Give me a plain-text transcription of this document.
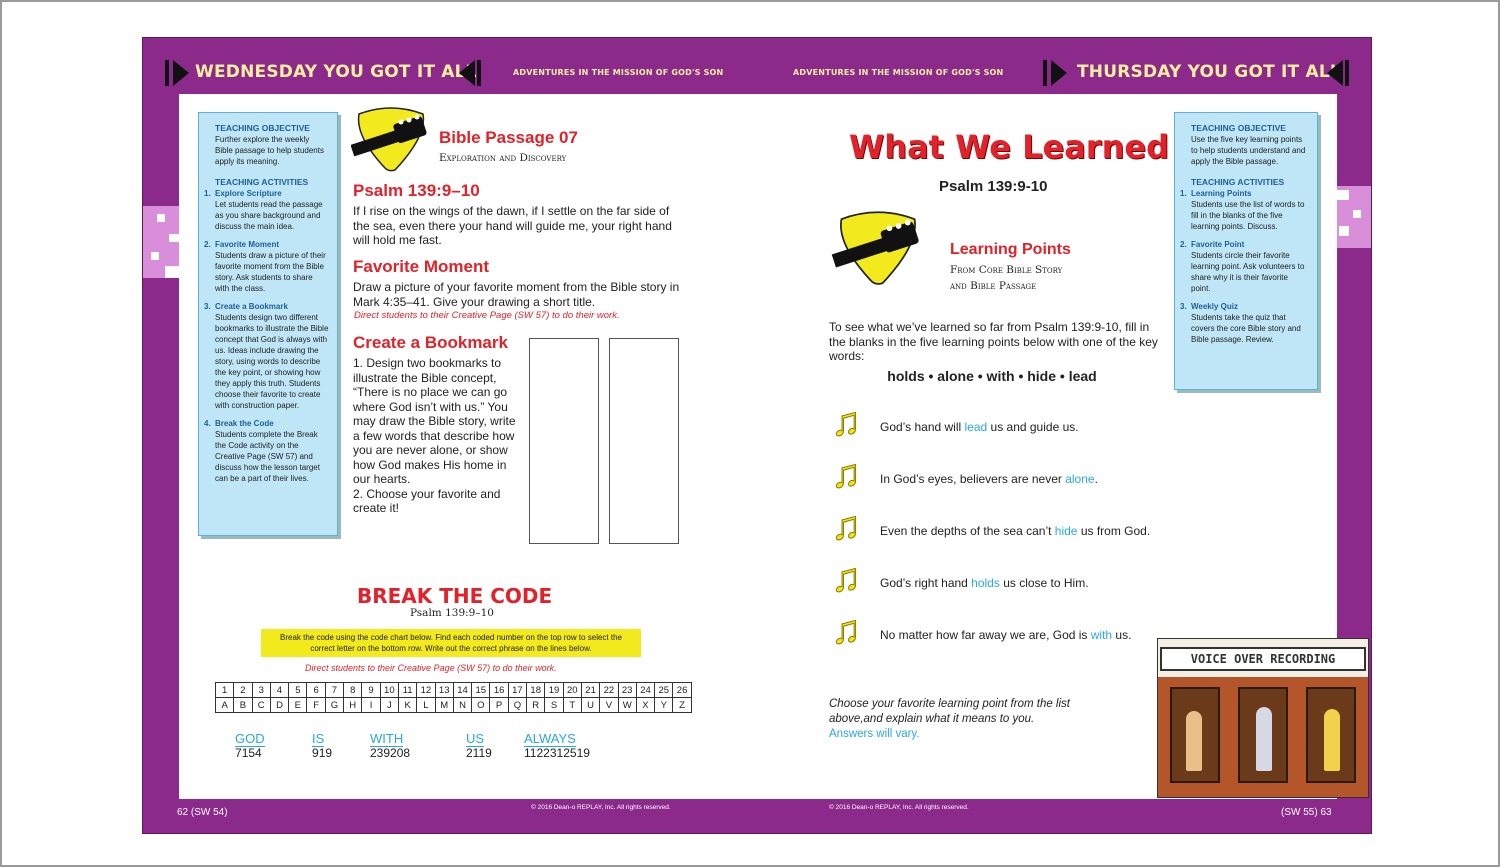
WEDNESDAY YOU GOT IT ALL	ADVENTURES IN THE MISSION OF GOD'S SON	ADVENTURES IN THE MISSION OF GOD'S SON	THURSDAY YOU GOT IT ALL
TEACHING OBJECTIVE
Further explore the weekly Bible passage to help students apply its meaning.
TEACHING ACTIVITIES
1. Explore Scripture
Let students read the passage as you share background and discuss the main idea.
2. Favorite Moment
Students draw a picture of their favorite moment from the Bible story. Ask students to share with the class.
3. Create a Bookmark
Students design two different bookmarks to illustrate the Bible concept that God is always with us. Ideas include drawing the story, using words to describe the key point, or showing how they apply this truth. Students choose their favorite to create with construction paper.
4. Break the Code
Students complete the Break the Code activity on the Creative Page (SW 57) and discuss how the lesson target can be a part of their lives.
Bible Passage 07
Exploration and Discovery
Psalm 139:9–10
If I rise on the wings of the dawn, if I settle on the far side of the sea, even there your hand will guide me, your right hand will hold me fast.
Favorite Moment
Draw a picture of your favorite moment from the Bible story in Mark 4:35–41. Give your drawing a short title.
Direct students to their Creative Page (SW 57) to do their work.
Create a Bookmark
1. Design two bookmarks to illustrate the Bible concept, “There is no place we can go where God isn’t with us.” You may draw the Bible story, write a few words that describe how you are never alone, or show how God makes His home in our hearts.
2. Choose your favorite and create it!
BREAK THE CODE
Psalm 139:9–10
Break the code using the code chart below. Find each coded number on the top row to select the correct letter on the bottom row. Write out the correct phrase on the lines below.
Direct students to their Creative Page (SW 57) to do their work.
1	2	3	4	5	6	7	8	9	10	11	12	13	14	15	16	17	18	19	20	21	22	23	24	25	26
A	B	C	D	E	F	G	H	I	J	K	L	M	N	O	P	Q	R	S	T	U	V	W	X	Y	Z
GOD
7154
IS
919
WITH
239208
US
2119
ALWAYS
1122312519
62 (SW 54)	© 2016 Dean-o REPLAY, Inc. All rights reserved.
What We Learned
Psalm 139:9-10
Learning Points
From Core Bible Story
and Bible Passage
To see what we’ve learned so far from Psalm 139:9-10, fill in the blanks in the five learning points below with one of the key words:
holds • alone • with • hide • lead
Choose your favorite learning point from the list above,and explain what it means to you.
Answers will vary.
VOICE OVER RECORDING
TEACHING OBJECTIVE
Use the five key learning points to help students understand and apply the Bible passage.
TEACHING ACTIVITIES
1. Learning Points
Students use the list of words to fill in the blanks of the five learning points. Discuss.
2. Favorite Point
Students circle their favorite learning point. Ask volunteers to share why it is their favorite point.
3. Weekly Quiz
Students take the quiz that covers the core Bible story and Bible passage. Review.
© 2016 Dean-o REPLAY, Inc. All rights reserved.	(SW 55) 63
♫ God’s hand will lead us and guide us.
♫ In God’s eyes, believers are never alone.
♫ Even the depths of the sea can’t hide us from God.
♫ God’s right hand holds us close to Him.
♫ No matter how far away we are, God is with us.
